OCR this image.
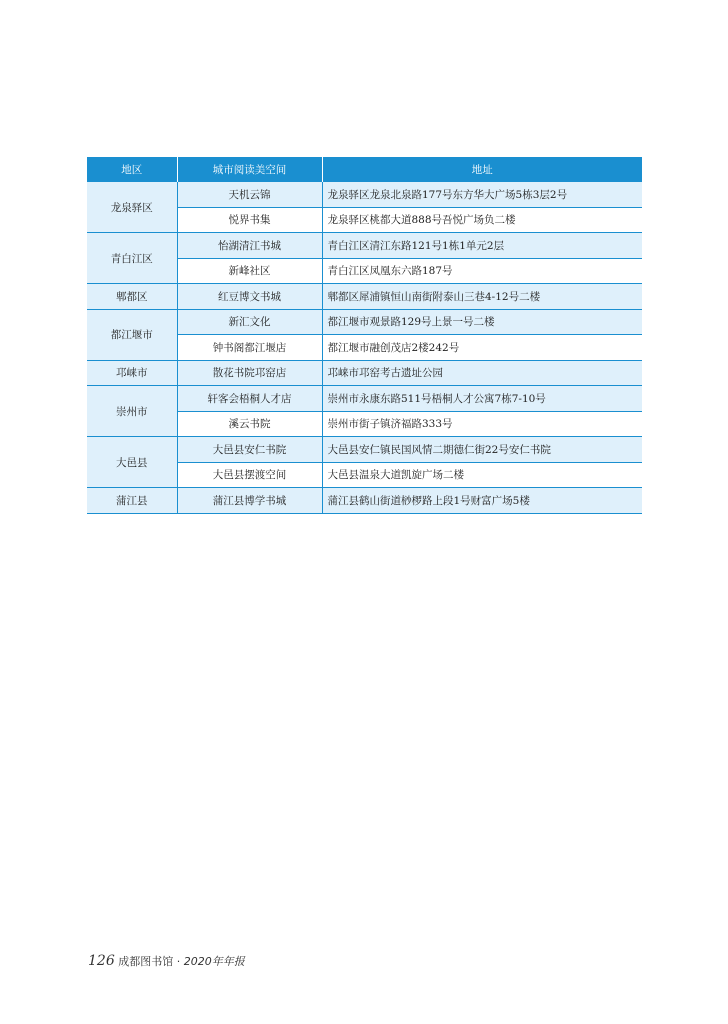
地区	城市阅读美空间	地址
龙泉驿区	天机云锦	龙泉驿区龙泉北泉路177号东方华大广场5栋3层2号
	悦界书集	龙泉驿区桃都大道888号吾悦广场负二楼
青白江区	怡湖清江书城	青白江区清江东路121号1栋1单元2层
	新峰社区	青白江区凤凰东六路187号
郫都区	红豆博文书城	郫都区犀浦镇恒山南街附泰山三巷4-12号二楼
都江堰市	新汇文化	都江堰市观景路129号上景一号二楼
	钟书阁都江堰店	都江堰市融创茂店2楼242号
邛崃市	散花书院邛窑店	邛崃市邛窑考古遗址公园
崇州市	轩客会梧桐人才店	崇州市永康东路511号梧桐人才公寓7栋7-10号
	溪云书院	崇州市街子镇济福路333号
大邑县	大邑县安仁书院	大邑县安仁镇民国风情二期德仁街22号安仁书院
	大邑县摆渡空间	大邑县温泉大道凯旋广场二楼
蒲江县	蒲江县博学书城	蒲江县鹤山街道桫椤路上段1号财富广场5楼
126 成都图书馆 · 2020年年报
